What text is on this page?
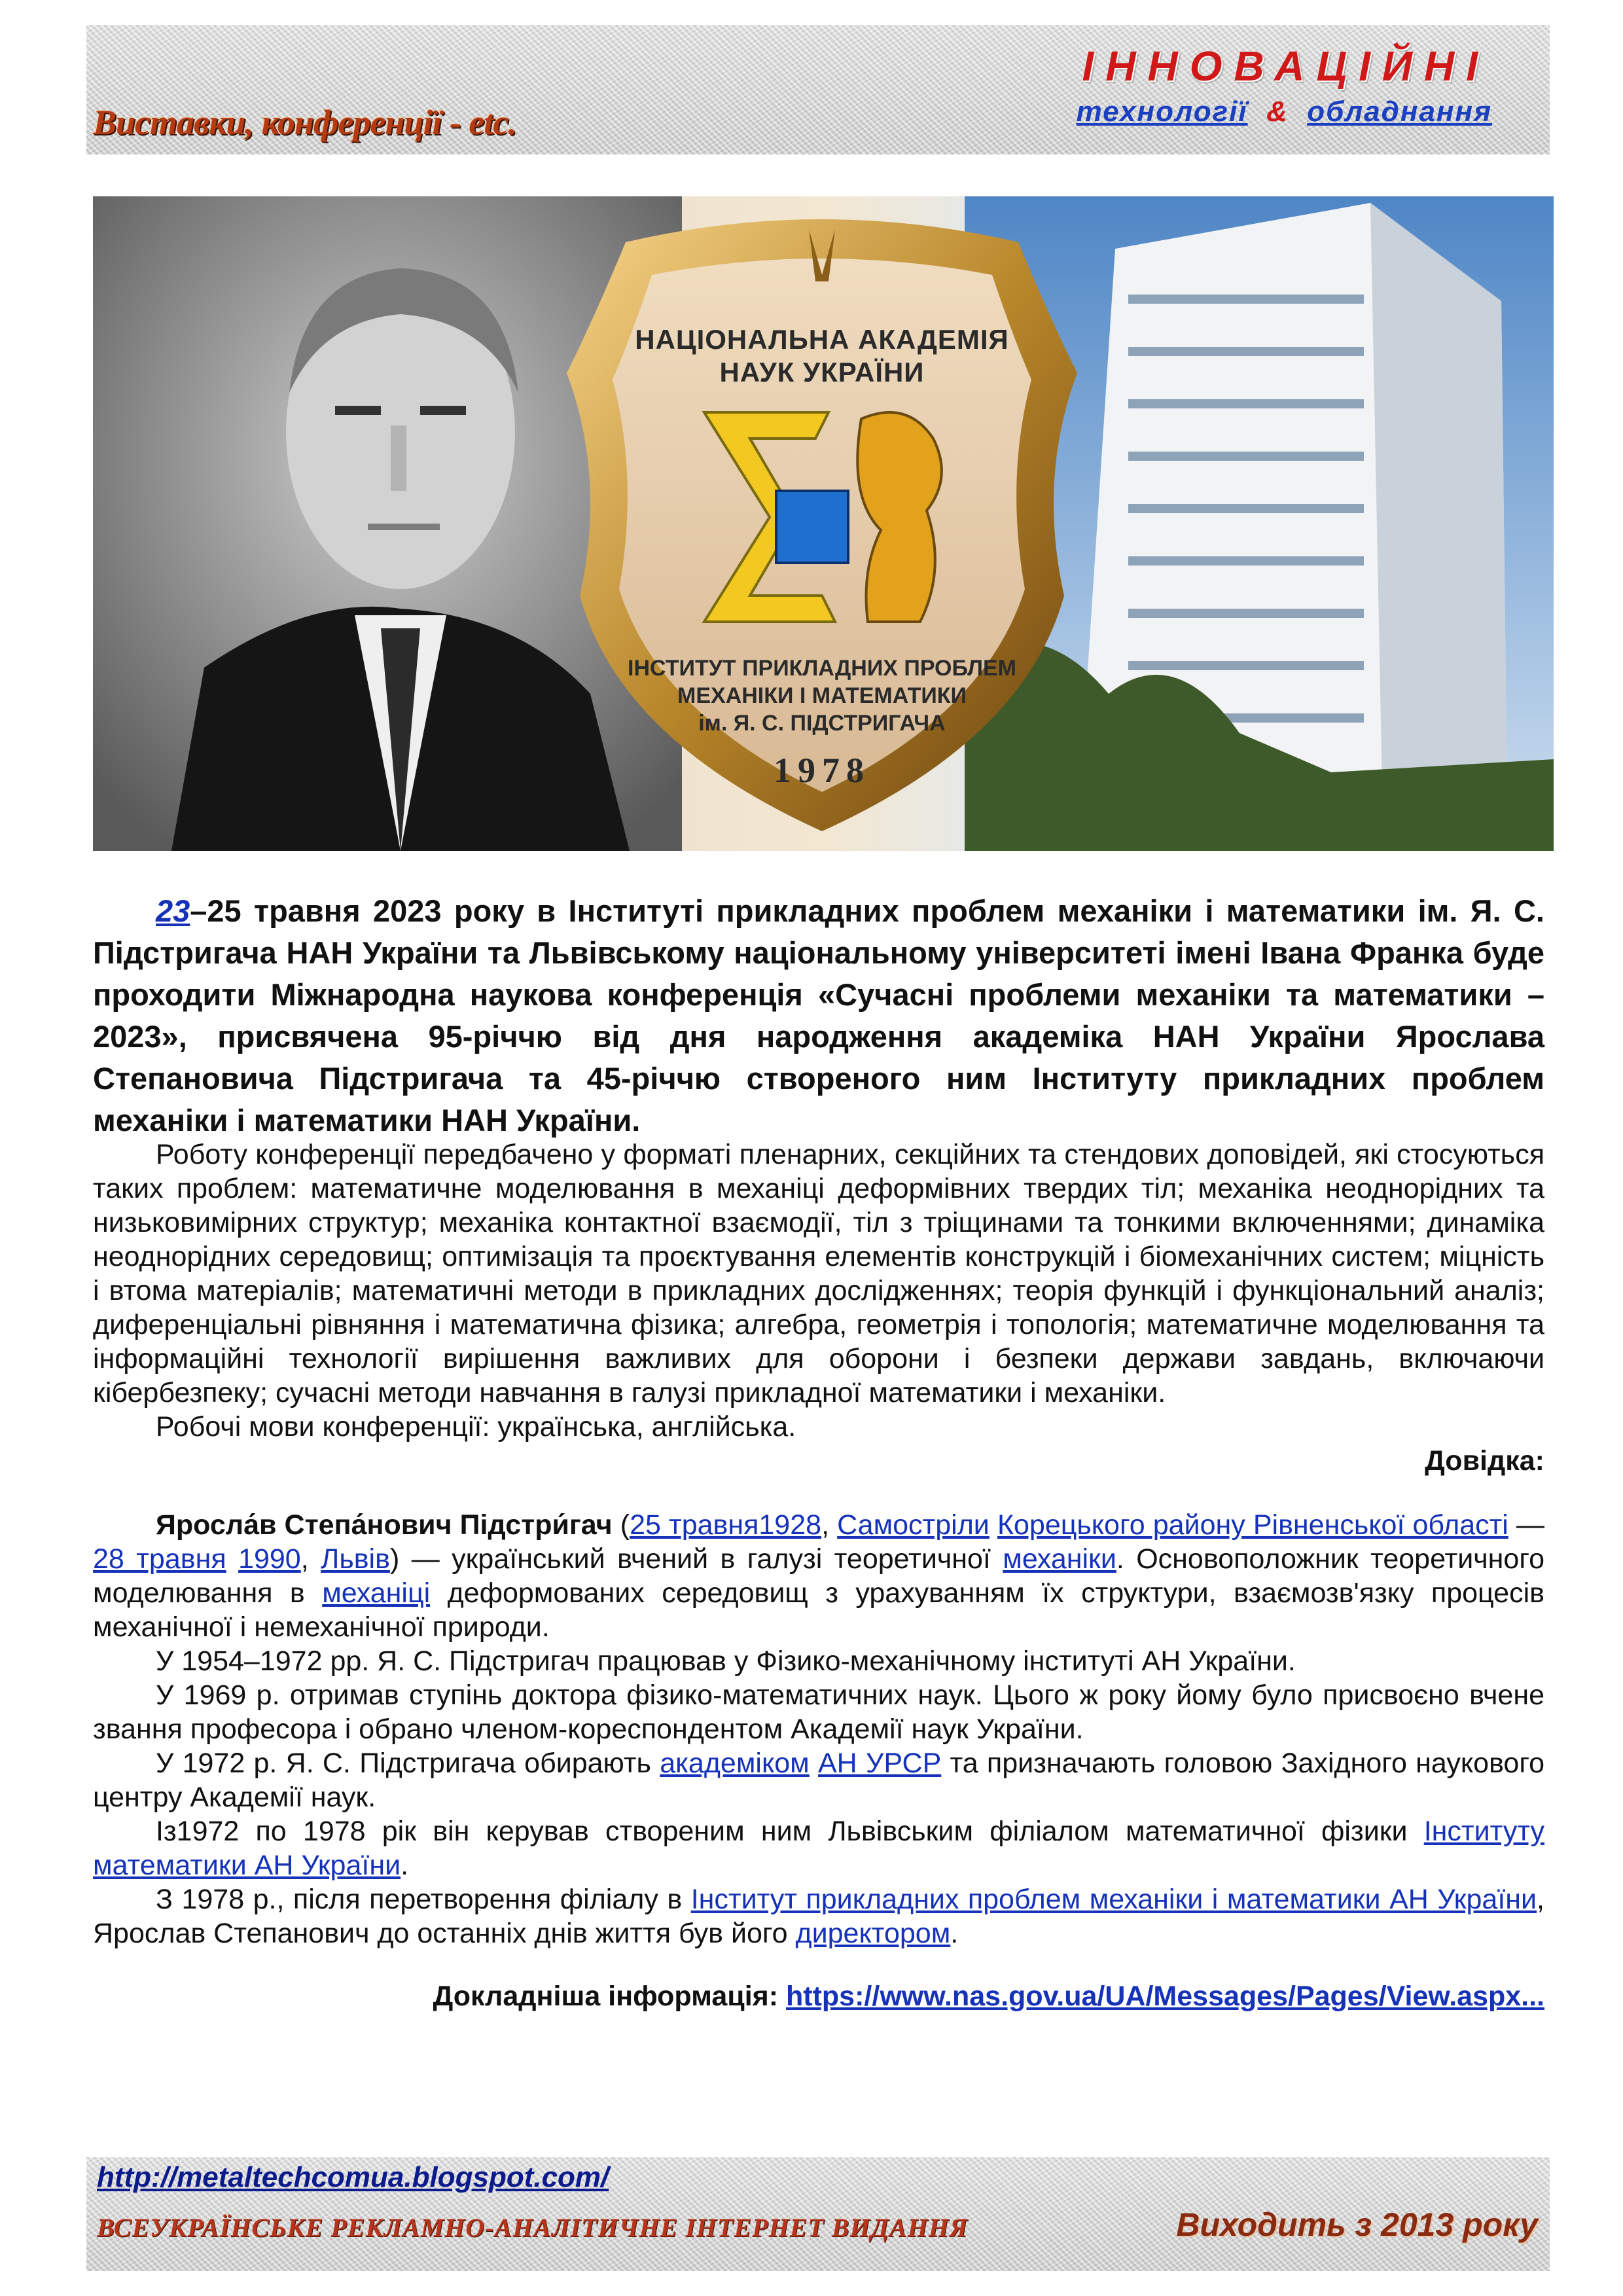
ІННОВАЦІЙНІ
технології & обладнання
Виставки, конференції - etc.
НАЦІОНАЛЬНА АКАДЕМІЯ
НАУК УКРАЇНИ
ІНСТИТУТ ПРИКЛАДНИХ ПРОБЛЕМ
МЕХАНІКИ І МАТЕМАТИКИ
ім. Я. С. ПІДСТРИГАЧА
1978

23–25 травня 2023 року в Інституті прикладних проблем механіки і математики ім. Я. С. Підстригача НАН України та Львівському національному університеті імені Івана Франка буде проходити Міжнародна наукова конференція «Сучасні проблеми механіки та математики – 2023», присвячена 95-річчю від дня народження академіка НАН України Ярослава Степановича Підстригача та 45-річчю створеного ним Інституту прикладних проблем механіки і математики НАН України.

Роботу конференції передбачено у форматі пленарних, секційних та стендових доповідей, які стосуються таких проблем: математичне моделювання в механіці деформівних твердих тіл; механіка неоднорідних та низьковимірних структур; механіка контактної взаємодії, тіл з тріщинами та тонкими включеннями; динаміка неоднорідних середовищ; оптимізація та проєктування елементів конструкцій і біомеханічних систем; міцність і втома матеріалів; математичні методи в прикладних дослідженнях; теорія функцій і функціональний аналіз; диференціальні рівняння і математична фізика; алгебра, геометрія і топологія; математичне моделювання та інформаційні технології вирішення важливих для оборони і безпеки держави завдань, включаючи кібербезпеку; сучасні методи навчання в галузі прикладної математики і механіки.

Робочі мови конференції: українська, англійська.

Довідка:

Яросла́в Степа́нович Підстри́гач (25 травня1928, Самостріли Корецького району Рівненської області — 28 травня 1990, Львів) — український вчений в галузі теоретичної механіки. Основоположник теоретичного моделювання в механіці деформованих середовищ з урахуванням їх структури, взаємозв'язку процесів механічної і немеханічної природи.

У 1954–1972 рр. Я. С. Підстригач працював у Фізико-механічному інституті АН України.

У 1969 р. отримав ступінь доктора фізико-математичних наук. Цього ж року йому було присвоєно вчене звання професора і обрано членом-кореспондентом Академії наук України.

У 1972 р. Я. С. Підстригача обирають академіком АН УРСР та призначають головою Західного наукового центру Академії наук.

Із1972 по 1978 рік він керував створеним ним Львівським філіалом математичної фізики Інституту математики АН України.

З 1978 р., після перетворення філіалу в Інститут прикладних проблем механіки і математики АН України, Ярослав Степанович до останніх днів життя був його директором.

Докладніша інформація: https://www.nas.gov.ua/UA/Messages/Pages/View.aspx...

http://metaltechcomua.blogspot.com/
ВСЕУКРАЇНСЬКЕ РЕКЛАМНО-АНАЛІТИЧНЕ ІНТЕРНЕТ ВИДАННЯ	Виходить з 2013 року
